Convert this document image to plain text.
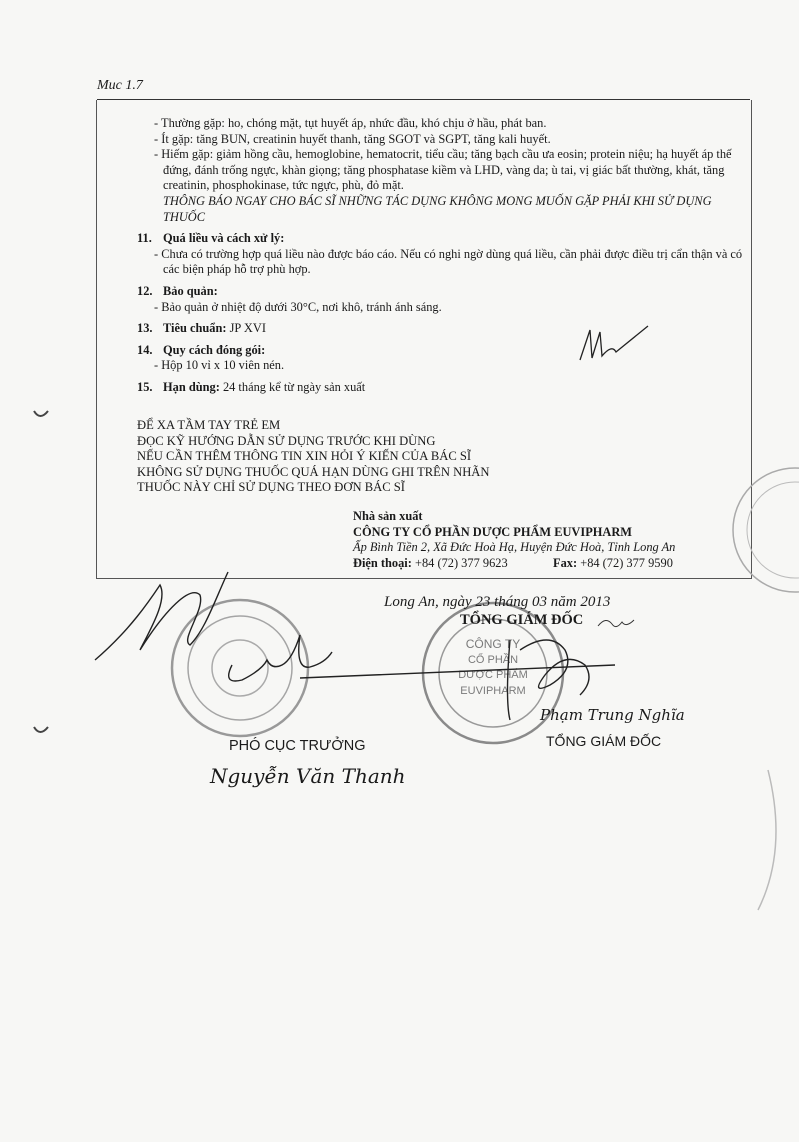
Muc 1.7
- Thường gặp: ho, chóng mặt, tụt huyết áp, nhức đầu, khó chịu ở hầu, phát ban.
- Ít gặp: tăng BUN, creatinin huyết thanh, tăng SGOT và SGPT, tăng kali huyết.
- Hiếm gặp: giảm hồng cầu, hemoglobine, hematocrit, tiểu cầu; tăng bạch cầu ưa eosin; protein niệu; hạ huyết áp thế đứng, đánh trống ngực, khàn giọng; tăng phosphatase kiềm và LHD, vàng da; ù tai, vị giác bất thường, khát, tăng creatinin, phosphokinase, tức ngực, phù, đỏ mặt.
THÔNG BÁO NGAY CHO BÁC SĨ NHỮNG TÁC DỤNG KHÔNG MONG MUỐN GẶP PHẢI KHI SỬ DỤNG THUỐC
11. Quá liều và cách xử lý:
- Chưa có trường hợp quá liều nào được báo cáo. Nếu có nghi ngờ dùng quá liều, cần phải được điều trị cẩn thận và có các biện pháp hỗ trợ phù hợp.
12. Bảo quản:
- Bảo quản ở nhiệt độ dưới 30°C, nơi khô, tránh ánh sáng.
13. Tiêu chuẩn: JP XVI
14. Quy cách đóng gói:
- Hộp 10 vỉ x 10 viên nén.
15. Hạn dùng: 24 tháng kể từ ngày sản xuất
ĐỂ XA TẦM TAY TRẺ EM
ĐỌC KỸ HƯỚNG DẪN SỬ DỤNG TRƯỚC KHI DÙNG
NẾU CẦN THÊM THÔNG TIN XIN HỎI Ý KIẾN CỦA BÁC SĨ
KHÔNG SỬ DỤNG THUỐC QUÁ HẠN DÙNG GHI TRÊN NHÃN
THUỐC NÀY CHỈ SỬ DỤNG THEO ĐƠN BÁC SĨ
Nhà sản xuất
CÔNG TY CỔ PHẦN DƯỢC PHẨM EUVIPHARM
Ấp Bình Tiền 2, Xã Đức Hoà Hạ, Huyện Đức Hoà, Tỉnh Long An
Điện thoại: +84 (72) 377 9623	Fax: +84 (72) 377 9590
CÔNG TY
CỔ PHẦN
DƯỢC PHẨM
EUVIPHARM
Long An, ngày 23 tháng 03 năm 2013
TỔNG GIÁM ĐỐC
Phạm Trung Nghĩa
TỔNG GIÁM ĐỐC
PHÓ CỤC TRƯỞNG
Nguyễn Văn Thanh
